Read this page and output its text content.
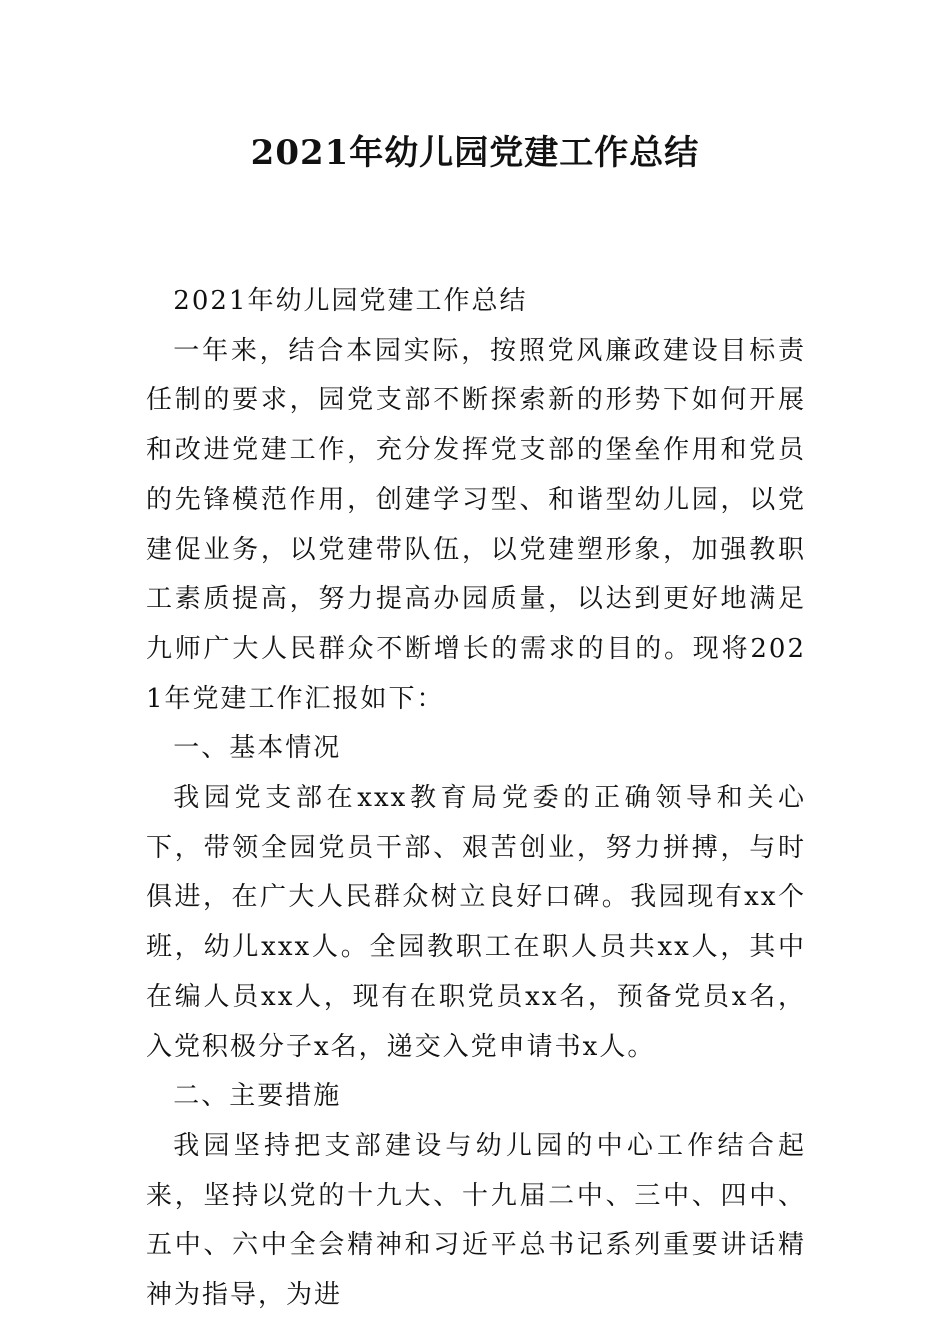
2021年幼儿园党建工作总结

2021年幼儿园党建工作总结

一年来，结合本园实际，按照党风廉政建设目标责任制的要求，园党支部不断探索新的形势下如何开展和改进党建工作，充分发挥党支部的堡垒作用和党员的先锋模范作用，创建学习型、和谐型幼儿园，以党建促业务，以党建带队伍，以党建塑形象，加强教职工素质提高，努力提高办园质量，以达到更好地满足九师广大人民群众不断增长的需求的目的。现将2021年党建工作汇报如下：

一、基本情况

我园党支部在xxx教育局党委的正确领导和关心下，带领全园党员干部、艰苦创业，努力拼搏，与时俱进，在广大人民群众树立良好口碑。我园现有xx个班，幼儿xxx人。全园教职工在职人员共xx人，其中在编人员xx人，现有在职党员xx名，预备党员x名，入党积极分子x名，递交入党申请书x人。

二、主要措施

我园坚持把支部建设与幼儿园的中心工作结合起来，坚持以党的十九大、十九届二中、三中、四中、五中、六中全会精神和习近平总书记系列重要讲话精神为指导，为进
